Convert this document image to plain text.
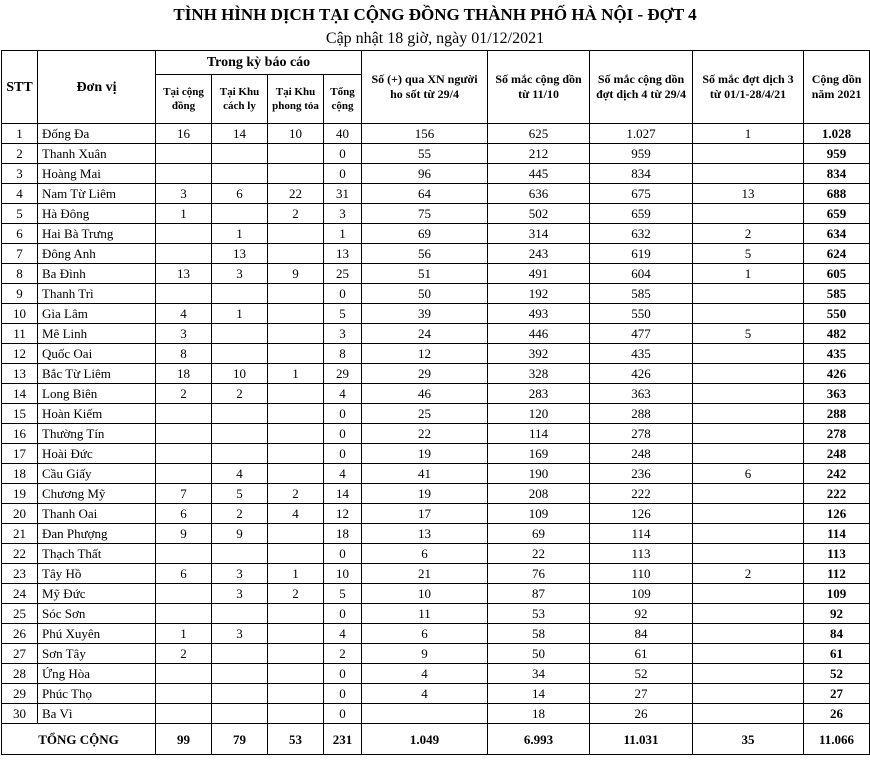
TÌNH HÌNH DỊCH TẠI CỘNG ĐỒNG THÀNH PHỐ HÀ NỘI - ĐỢT 4
Cập nhật 18 giờ, ngày 01/12/2021
STT	Đơn vị	Trong kỳ báo cáo				Số (+) qua XN người ho sốt từ 29/4	Số mắc cộng dồn từ 11/10	Số mắc cộng dồn đợt dịch 4 từ 29/4	Số mắc đợt dịch 3 từ 01/1-28/4/21	Cộng dồn năm 2021
		Tại cộng đồng	Tại Khu cách ly	Tại Khu phong tỏa	Tổng cộng					
1	Đống Đa	16	14	10	40	156	625	1.027	1	1.028
2	Thanh Xuân				0	55	212	959		959
3	Hoàng Mai				0	96	445	834		834
4	Nam Từ Liêm	3	6	22	31	64	636	675	13	688
5	Hà Đông	1		2	3	75	502	659		659
6	Hai Bà Trưng		1		1	69	314	632	2	634
7	Đông Anh		13		13	56	243	619	5	624
8	Ba Đình	13	3	9	25	51	491	604	1	605
9	Thanh Trì				0	50	192	585		585
10	Gia Lâm	4	1		5	39	493	550		550
11	Mê Linh	3			3	24	446	477	5	482
12	Quốc Oai	8			8	12	392	435		435
13	Bắc Từ Liêm	18	10	1	29	29	328	426		426
14	Long Biên	2	2		4	46	283	363		363
15	Hoàn Kiếm				0	25	120	288		288
16	Thường Tín				0	22	114	278		278
17	Hoài Đức				0	19	169	248		248
18	Cầu Giấy		4		4	41	190	236	6	242
19	Chương Mỹ	7	5	2	14	19	208	222		222
20	Thanh Oai	6	2	4	12	17	109	126		126
21	Đan Phượng	9	9		18	13	69	114		114
22	Thạch Thất				0	6	22	113		113
23	Tây Hồ	6	3	1	10	21	76	110	2	112
24	Mỹ Đức		3	2	5	10	87	109		109
25	Sóc Sơn				0	11	53	92		92
26	Phú Xuyên	1	3		4	6	58	84		84
27	Sơn Tây	2			2	9	50	61		61
28	Ứng Hòa				0	4	34	52		52
29	Phúc Thọ				0	4	14	27		27
30	Ba Vì				0		18	26		26
TỔNG CỘNG		99	79	53	231	1.049	6.993	11.031	35	11.066
